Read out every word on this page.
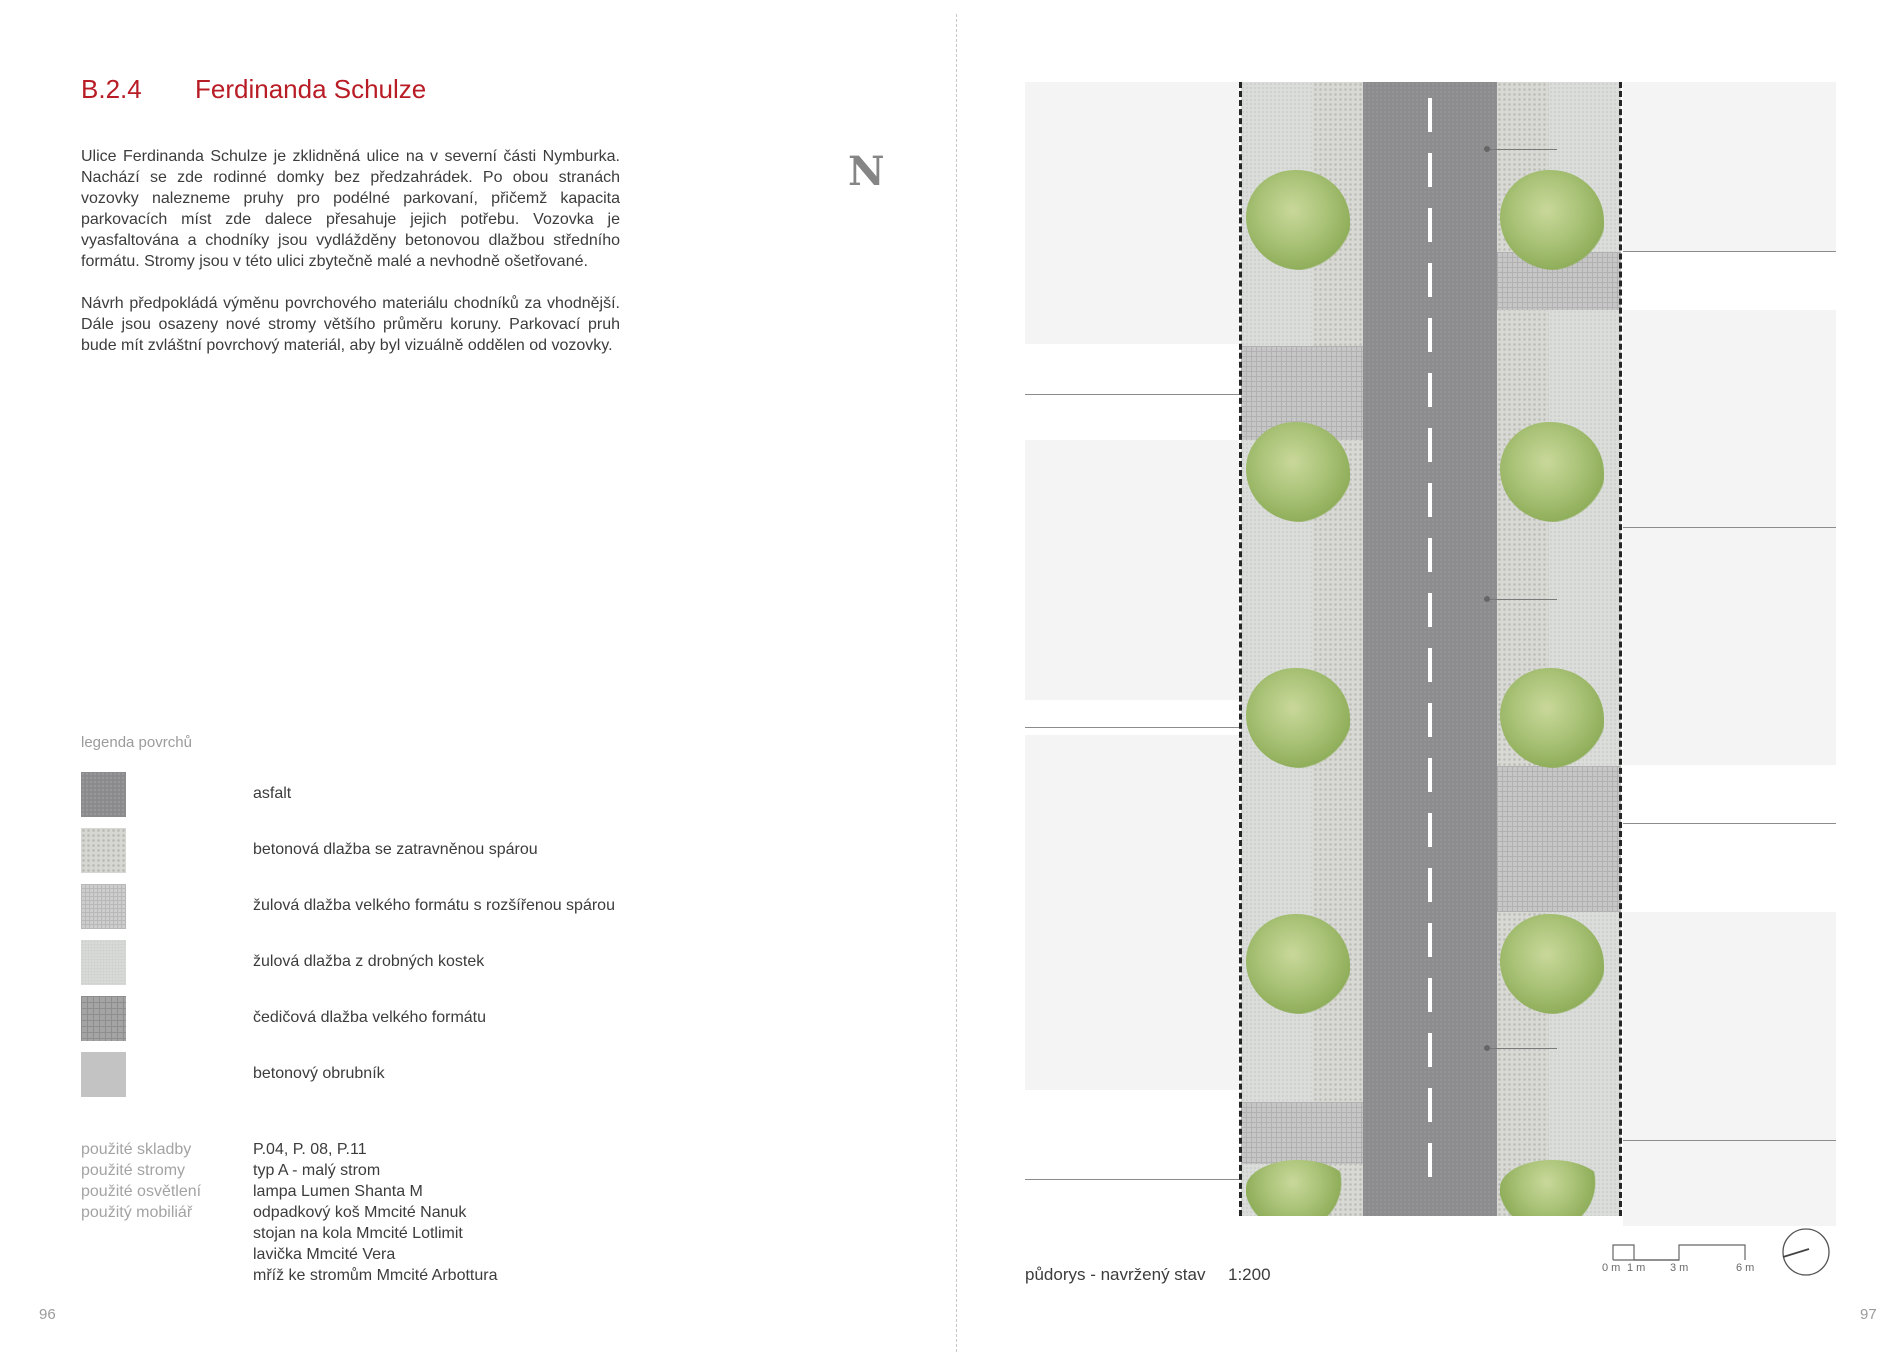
B.2.4 Ferdinanda Schulze

Ulice Ferdinanda Schulze je zklidněná ulice na v severní části Nymburka. Nachází se zde rodinné domky bez předzahrádek. Po obou stranách vozovky nalezneme pruhy pro podélné parkovaní, přičemž kapacita parkovacích míst zde dalece přesahuje jejich potřebu. Vozovka je vyasfaltována a chodníky jsou vydlážděny betonovou dlažbou středního formátu. Stromy jsou v této ulici zbytečně malé a nevhodně ošetřované.

Návrh předpokládá výměnu povrchového materiálu chodníků za vhodnější. Dále jsou osazeny nové stromy většího průměru koruny. Parkovací pruh bude mít zvláštní povrchový materiál, aby byl vizuálně oddělen od vozovky.

N
legenda povrchů
asfalt
betonová dlažba se zatravněnou spárou
žulová dlažba velkého formátu s rozšířenou spárou
žulová dlažba z drobných kostek
čedičová dlažba velkého formátu
betonový obrubník
použité skladby	P.04, P. 08, P.11
použité stromy	typ A - malý strom
použité osvětlení	lampa Lumen Shanta M
použitý mobiliář	odpadkový koš Mmcité Nanuk
stojan na kola Mmcité Lotlimit
lavička Mmcité Vera
mříž ke stromům Mmcité Arbottura
96
půdorys - navržený stav 1:200	0 m 1 m 3 m	6 m
97
